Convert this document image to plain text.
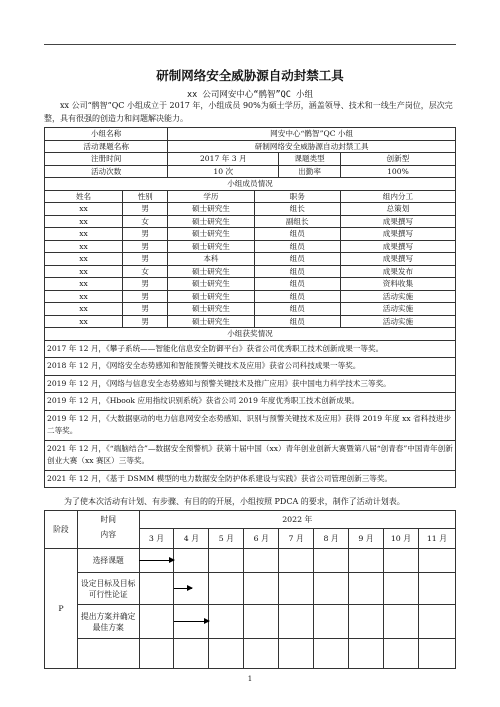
研制网络安全威胁源自动封禁工具
xx 公司网安中心“鹘智”QC 小组
xx 公司“鹘智”QC 小组成立于 2017 年，小组成员 90%为硕士学历，涵盖领导、技术和一线生产岗位，层次完整，具有很强的创造力和问题解决能力。
小组名称		网安中心“鹘智”QC 小组			
活动课题名称		研制网络安全威胁源自动封禁工具			
注册时间		2017 年 3 月		课题类型	创新型
活动次数		10 次		出勤率	100%
小组成员情况					
姓名	性别	学历	职务		组内分工
xx	男	硕士研究生	组长		总策划
xx	女	硕士研究生	副组长		成果撰写
xx	男	硕士研究生	组员		成果撰写
xx	男	硕士研究生	组员		成果撰写
xx	男	本科	组员		成果撰写
xx	女	硕士研究生	组员		成果发布
xx	男	硕士研究生	组员		资料收集
xx	男	硕士研究生	组员		活动实施
xx	男	硕士研究生	组员		活动实施
xx	男	硕士研究生	组员		活动实施
小组获奖情况					
2017 年 12 月，《攀子系统——智能化信息安全防御平台》获省公司优秀职工技术创新成果一等奖。					
2018 年 12 月，《网络安全态势感知和智能预警关键技术及应用》获省公司科技成果一等奖。					
2019 年 12 月，《网络与信息安全态势感知与预警关键技术及推广应用》获中国电力科学技术三等奖。					
2019 年 12 月，《Hbook 应用指纹识别系统》获省公司 2019 年度优秀职工技术创新成果。					
2019 年 12 月，《大数据驱动的电力信息网安全态势感知、识别与预警关键技术及应用》获得 2019 年度 xx 省科技进步二等奖。					
2021 年 12 月，《“端脑结合”—数据安全预警机》获第十届中国（xx）青年创业创新大赛暨第八届“创青春”中国青年创新创业大赛（xx 赛区）三等奖。					
2021 年 12 月，《基于 DSMM 模型的电力数据安全防护体系建设与实践》获省公司管理创新三等奖。					
为了使本次活动有计划、有步骤、有目的的开展，小组按照 PDCA 的要求，制作了活动计划表。
阶段	时间	2022 年								
	内容	3 月	4 月	5 月	6 月	7 月	8 月	9 月	10 月	11 月
P	选择课题									
	设定目标及目标可行性论证									
	提出方案并确定最佳方案									

1
